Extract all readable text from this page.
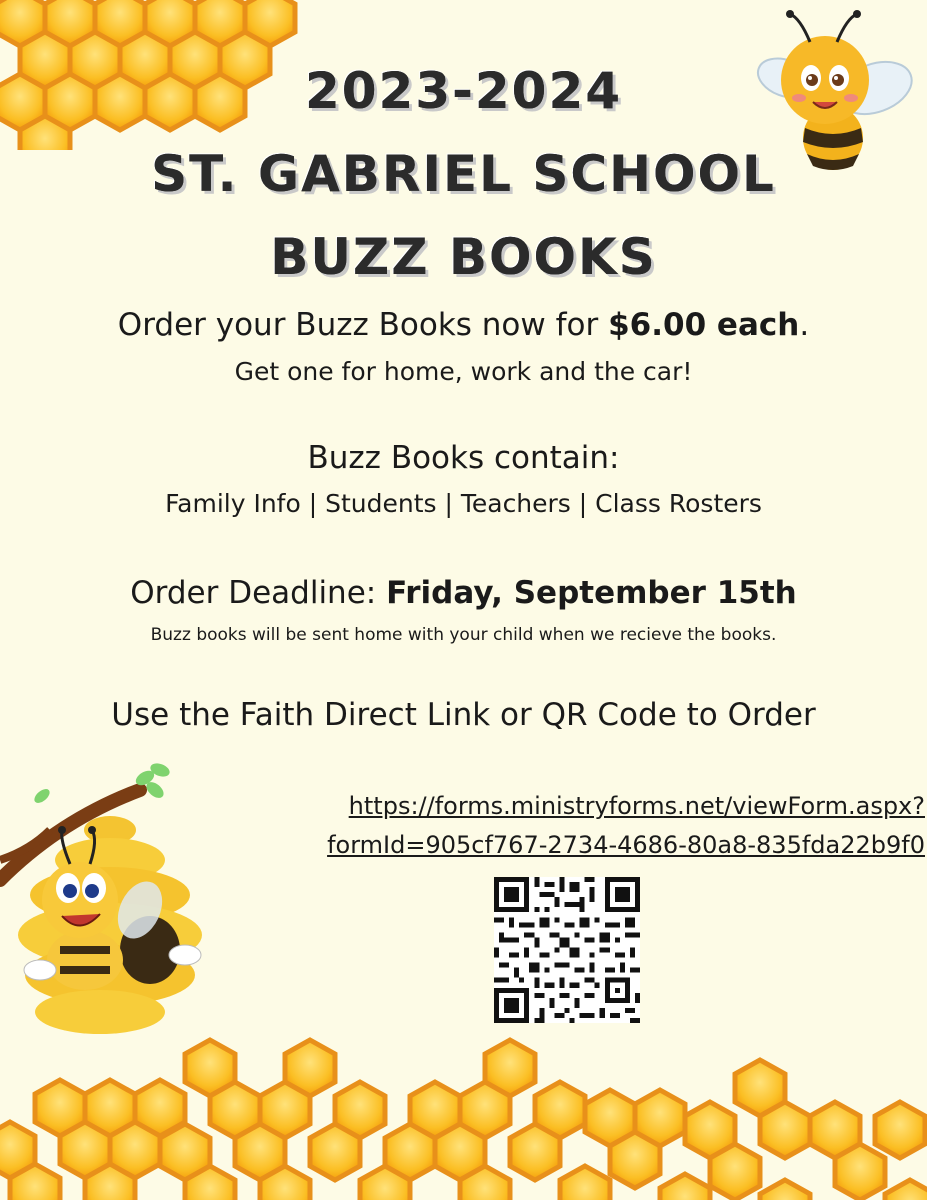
2023-2024
ST. GABRIEL SCHOOL
BUZZ BOOKS
Order your Buzz Books now for $6.00 each.
Get one for home, work and the car!
Buzz Books contain:
Family Info | Students | Teachers | Class Rosters
Order Deadline: Friday, September 15th
Buzz books will be sent home with your child when we recieve the books.
Use the Faith Direct Link or QR Code to Order
https://forms.ministryforms.net/viewForm.aspx?
formId=905cf767-2734-4686-80a8-835fda22b9f0
